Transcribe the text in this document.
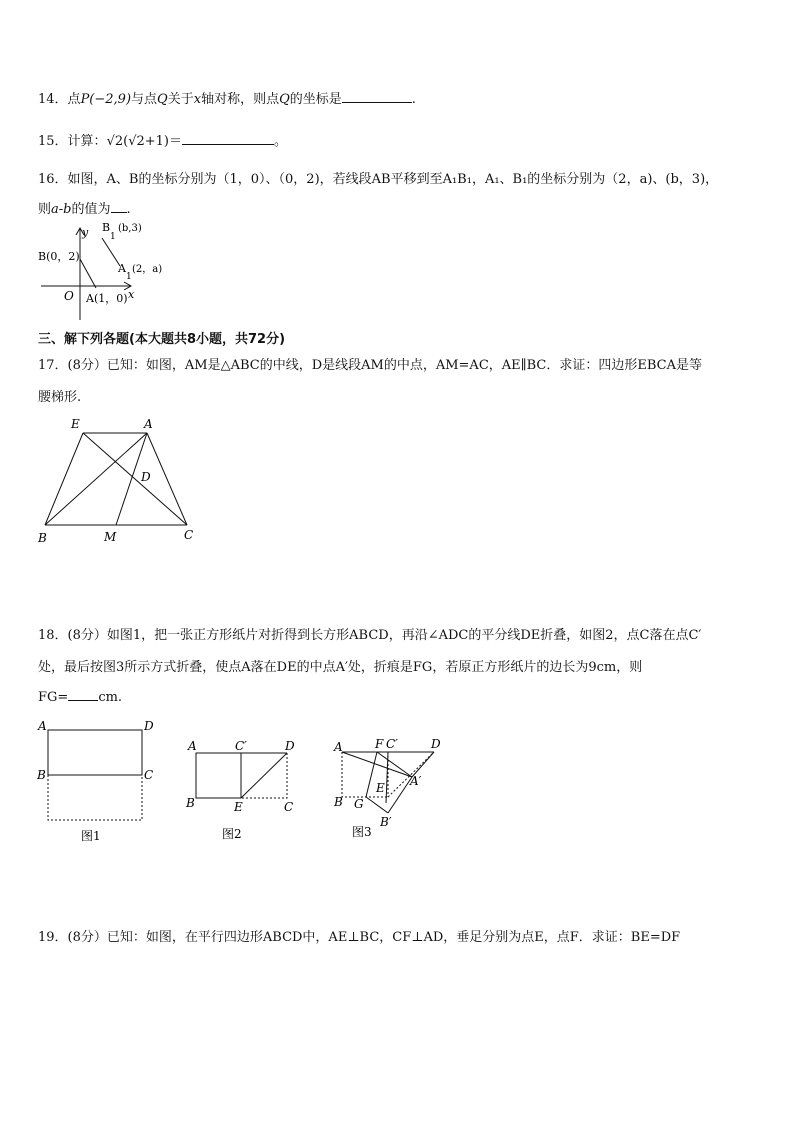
14．点P(−2,9)与点Q关于x轴对称，则点Q的坐标是	.
15．计算：√2(√2+1)＝	。
16．如图，A、B的坐标分别为（1，0）、（0，2)，若线段AB平移到至A₁B₁，A₁、B₁的坐标分别为（2，a)、(b，3)，
则a-b的值为 .
B(0，2)
y B
1
(b,3)
A
1
(2，a)
O A(1，0) x
三、解下列各题(本大题共8小题，共72分)
17．(8分）已知：如图，AM是△ABC的中线，D是线段AM的中点，AM=AC，AE∥BC．求证：四边形EBCA是等
腰梯形.
E	A
D
B	M	C
18．(8分）如图1，把一张正方形纸片对折得到长方形ABCD，再沿∠ADC的平分线DE折叠，如图2，点C落在点C′
处，最后按图3所示方式折叠，使点A落在DE的中点A′处，折痕是FG，若原正方形纸片的边长为9cm，则
FG= cm.
A	D
B	C
图1
A	C′	D
B	E	C
图2
A	F C′	D
A′
E
B G
B′
图3
19．(8分）已知：如图，在平行四边形ABCD中，AE⊥BC，CF⊥AD，垂足分别为点E，点F．求证：BE=DF
